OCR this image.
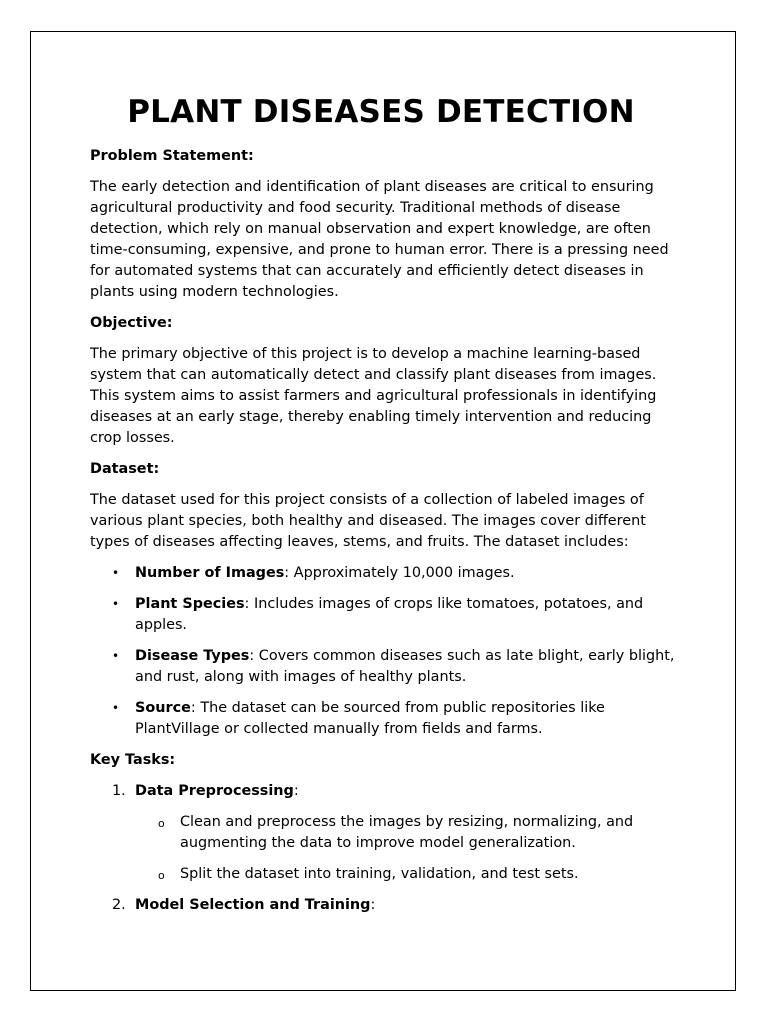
PLANT DISEASES DETECTION

Problem Statement:

The early detection and identification of plant diseases are critical to ensuring agricultural productivity and food security. Traditional methods of disease detection, which rely on manual observation and expert knowledge, are often time-consuming, expensive, and prone to human error. There is a pressing need for automated systems that can accurately and efficiently detect diseases in plants using modern technologies.

Objective:

The primary objective of this project is to develop a machine learning-based system that can automatically detect and classify plant diseases from images. This system aims to assist farmers and agricultural professionals in identifying diseases at an early stage, thereby enabling timely intervention and reducing crop losses.

Dataset:

The dataset used for this project consists of a collection of labeled images of various plant species, both healthy and diseased. The images cover different types of diseases affecting leaves, stems, and fruits. The dataset includes:

• Number of Images: Approximately 10,000 images.
• Plant Species: Includes images of crops like tomatoes, potatoes, and apples.
• Disease Types: Covers common diseases such as late blight, early blight, and rust, along with images of healthy plants.
• Source: The dataset can be sourced from public repositories like PlantVillage or collected manually from fields and farms.

Key Tasks:

1. Data Preprocessing:
o Clean and preprocess the images by resizing, normalizing, and augmenting the data to improve model generalization.
o Split the dataset into training, validation, and test sets.
2. Model Selection and Training:
